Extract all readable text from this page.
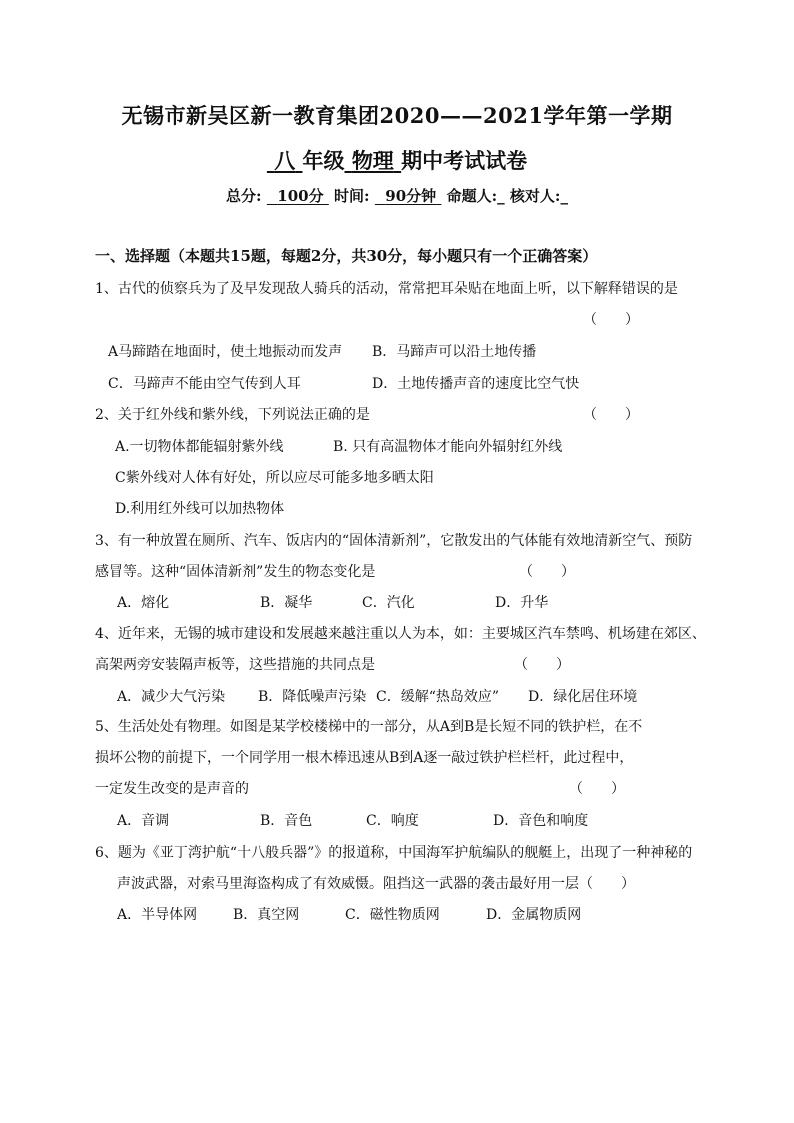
无锡市新吴区新一教育集团2020——2021学年第一学期
八 年级 物理 期中考试试卷
总分: 100分 时间: 90分钟 命题人:_ 核对人:_
一、选择题（本题共15题，每题2分，共30分，每小题只有一个正确答案）
1、古代的侦察兵为了及早发现敌人骑兵的活动，常常把耳朵贴在地面上听，以下解释错误的是
（　　）
A马蹄踏在地面时，使土地振动而发声 B．马蹄声可以沿土地传播
C．马蹄声不能由空气传到人耳	D．土地传播声音的速度比空气快
2、关于红外线和紫外线，下列说法正确的是	（　　）
A.一切物体都能辐射紫外线	B. 只有高温物体才能向外辐射红外线
C紫外线对人体有好处，所以应尽可能多地多晒太阳
D.利用红外线可以加热物体
3、有一种放置在厕所、汽车、饭店内的“固体清新剂”，它散发出的气体能有效地清新空气、预防
感冒等。这种“固体清新剂”发生的物态变化是	（　　）
A．熔化	B．凝华	C．汽化	D．升华
4、近年来，无锡的城市建设和发展越来越注重以人为本，如：主要城区汽车禁鸣、机场建在郊区、
高架两旁安装隔声板等，这些措施的共同点是	（　　）
A．减少大气污染 B．降低噪声污染 C．缓解“热岛效应” D．绿化居住环境
5、生活处处有物理。如图是某学校楼梯中的一部分，从A到B是长短不同的铁护栏，在不
损坏公物的前提下，一个同学用一根木棒迅速从B到A逐一敲过铁护栏栏杆，此过程中，
一定发生改变的是声音的	（　　）
A．音调	B．音色	C．响度	D．音色和响度
6、题为《亚丁湾护航“十八般兵器”》的报道称，中国海军护航编队的舰艇上，出现了一种神秘的
声波武器，对索马里海盗构成了有效威慑。阻挡这一武器的袭击最好用一层（　　）
A．半导体网	B．真空网	C．磁性物质网	D．金属物质网
